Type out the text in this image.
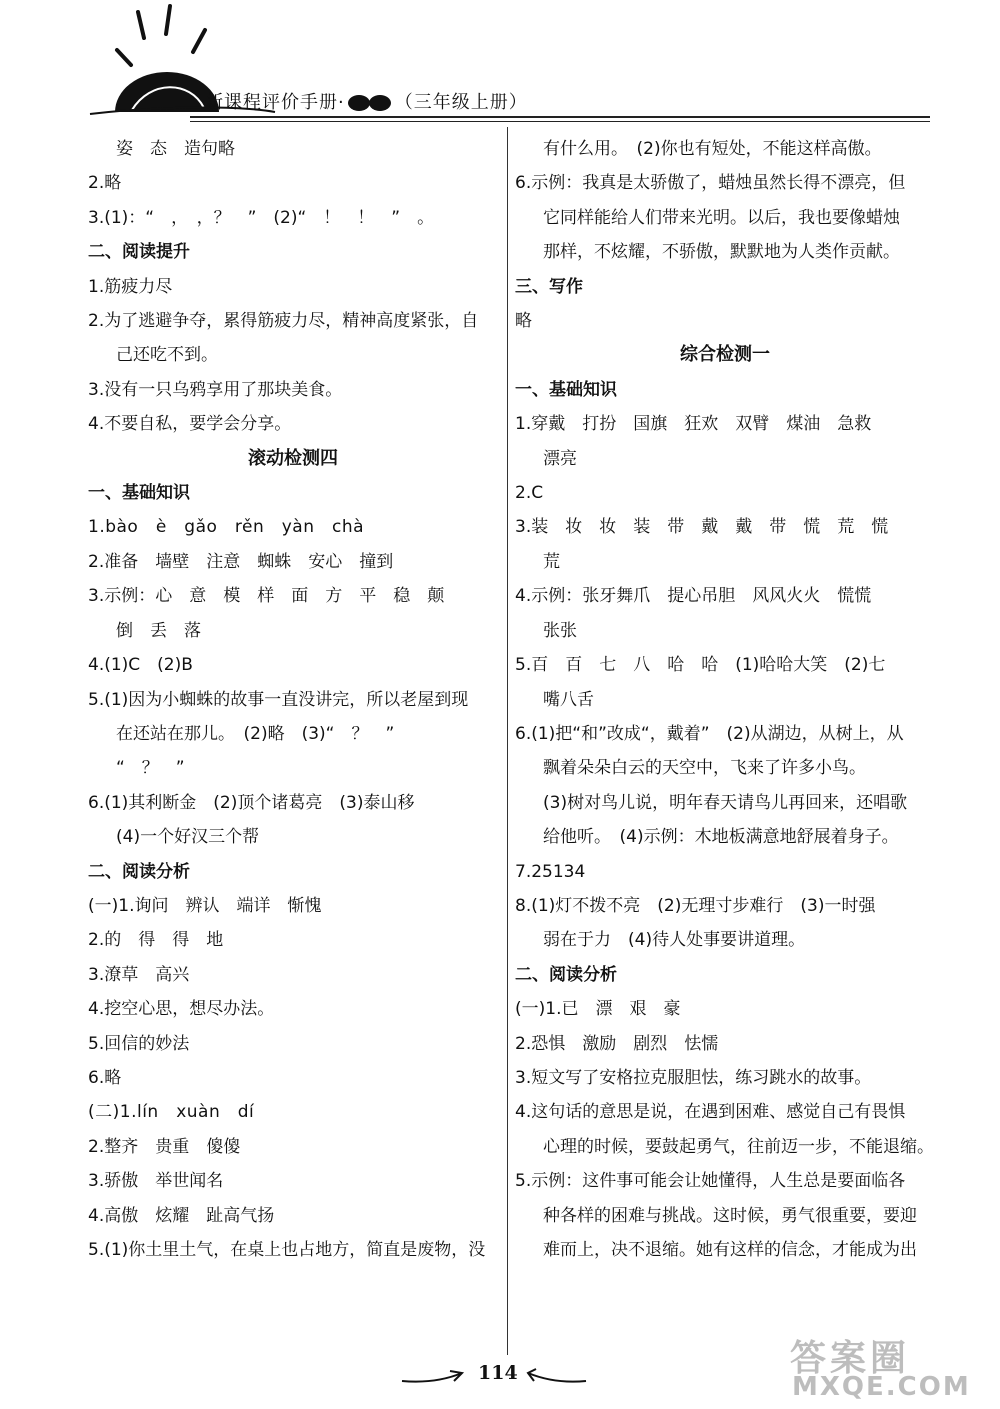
新课程评价手册·	（三年级上册）
姿　态　造句略
2.略
3.(1)：“　，　，？　”　(2)“　！　！　”　。
二、阅读提升
1.筋疲力尽
2.为了逃避争夺，累得筋疲力尽，精神高度紧张，自
己还吃不到。
3.没有一只乌鸦享用了那块美食。
4.不要自私，要学会分享。
滚动检测四
一、基础知识
1.bào　è　gǎo　rěn　yàn　chà
2.准备　墙壁　注意　蜘蛛　安心　撞到
3.示例：心　意　模　样　面　方　平　稳　颠
倒　丢　落
4.(1)C　(2)B
5.(1)因为小蜘蛛的故事一直没讲完，所以老屋到现
在还站在那儿。　(2)略　(3)“　？　”
“　？　”
6.(1)其利断金　(2)顶个诸葛亮　(3)泰山移
(4)一个好汉三个帮
二、阅读分析
(一)1.询问　辨认　端详　惭愧
2.的　得　得　地
3.潦草　高兴
4.挖空心思，想尽办法。
5.回信的妙法
6.略
(二)1.lín　xuàn　dí
2.整齐　贵重　傻傻
3.骄傲　举世闻名
4.高傲　炫耀　趾高气扬
5.(1)你土里土气，在桌上也占地方，简直是废物，没
有什么用。　(2)你也有短处，不能这样高傲。
6.示例：我真是太骄傲了，蜡烛虽然长得不漂亮，但
它同样能给人们带来光明。以后，我也要像蜡烛
那样，不炫耀，不骄傲，默默地为人类作贡献。
三、写作
略
综合检测一
一、基础知识
1.穿戴　打扮　国旗　狂欢　双臂　煤油　急救
漂亮
2.C
3.装　妆　妆　装　带　戴　戴　带　慌　荒　慌
荒
4.示例：张牙舞爪　提心吊胆　风风火火　慌慌
张张
5.百　百　七　八　哈　哈　(1)哈哈大笑　(2)七
嘴八舌
6.(1)把“和”改成“，戴着”　(2)从湖边，从树上，从
飘着朵朵白云的天空中，飞来了许多小鸟。
(3)树对鸟儿说，明年春天请鸟儿再回来，还唱歌
给他听。　(4)示例：木地板满意地舒展着身子。
7.25134
8.(1)灯不拨不亮　(2)无理寸步难行　(3)一时强
弱在于力　(4)待人处事要讲道理。
二、阅读分析
(一)1.已　漂　艰　豪
2.恐惧　激励　剧烈　怯懦
3.短文写了安格拉克服胆怯，练习跳水的故事。
4.这句话的意思是说，在遇到困难、感觉自己有畏惧
心理的时候，要鼓起勇气，往前迈一步，不能退缩。
5.示例：这件事可能会让她懂得，人生总是要面临各
种各样的困难与挑战。这时候，勇气很重要，要迎
难而上，决不退缩。她有这样的信念，才能成为出
114	答案圈
MXQE.COM
